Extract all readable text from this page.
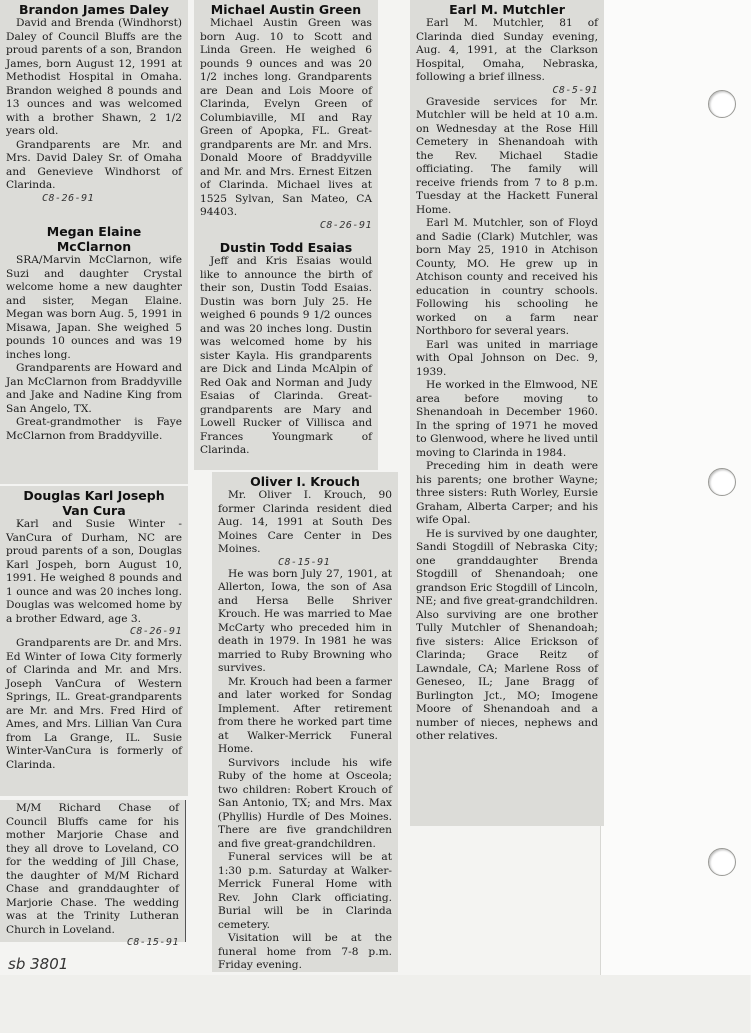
Brandon James Daley

David and Brenda (Windhorst) Daley of Council Bluffs are the proud parents of a son, Brandon James, born August 12, 1991 at Methodist Hospital in Omaha. Brandon weighed 8 pounds and 13 ounces and was welcomed with a brother Shawn, 2 1/2 years old.

Grandparents are Mr. and Mrs. David Daley Sr. of Omaha and Genevieve Windhorst of Clarinda.

C8-26-91
Megan Elaine
McClarnon

SRA/Marvin McClarnon, wife Suzi and daughter Crystal welcome home a new daughter and sister, Megan Elaine. Megan was born Aug. 5, 1991 in Misawa, Japan. She weighed 5 pounds 10 ounces and was 19 inches long.

Grandparents are Howard and Jan McClarnon from Braddyville and Jake and Nadine King from San Angelo, TX.

Great-grandmother is Faye McClarnon from Braddyville.

Douglas Karl Joseph
Van Cura

Karl and Susie Winter - VanCura of Durham, NC are proud parents of a son, Douglas Karl Jospeh, born August 10, 1991. He weighed 8 pounds and 1 ounce and was 20 inches long. Douglas was welcomed home by a brother Edward, age 3.

C8-26-91

Grandparents are Dr. and Mrs. Ed Winter of Iowa City formerly of Clarinda and Mr. and Mrs. Joseph VanCura of Western Springs, IL. Great-grandparents are Mr. and Mrs. Fred Hird of Ames, and Mrs. Lillian Van Cura from La Grange, IL. Susie Winter-VanCura is formerly of Clarinda.

M/M Richard Chase of Council Bluffs came for his mother Marjorie Chase and they all drove to Loveland, CO for the wedding of Jill Chase, the daughter of M/M Richard Chase and granddaughter of Marjorie Chase. The wedding was at the Trinity Lutheran Church in Loveland.

C8-15-91
Michael Austin Green

Michael Austin Green was born Aug. 10 to Scott and Linda Green. He weighed 6 pounds 9 ounces and was 20 1/2 inches long. Grandparents are Dean and Lois Moore of Clarinda, Evelyn Green of Columbiaville, MI and Ray Green of Apopka, FL. Great-grandparents are Mr. and Mrs. Donald Moore of Braddyville and Mr. and Mrs. Ernest Eitzen of Clarinda. Michael lives at 1525 Sylvan, San Mateo, CA 94403.

C8-26-91
Dustin Todd Esaias

Jeff and Kris Esaias would like to announce the birth of their son, Dustin Todd Esaias. Dustin was born July 25. He weighed 6 pounds 9 1/2 ounces and was 20 inches long. Dustin was welcomed home by his sister Kayla. His grandparents are Dick and Linda McAlpin of Red Oak and Norman and Judy Esaias of Clarinda. Great-grandparents are Mary and Lowell Rucker of Villisca and Frances Youngmark of Clarinda.

Oliver I. Krouch

Mr. Oliver I. Krouch, 90 former Clarinda resident died Aug. 14, 1991 at South Des Moines Care Center in Des Moines.

C8-15-91

He was born July 27, 1901, at Allerton, Iowa, the son of Asa and Hersa Belle Shriver Krouch. He was married to Mae McCarty who preceded him in death in 1979. In 1981 he was married to Ruby Browning who survives.

Mr. Krouch had been a farmer and later worked for Sondag Implement. After retirement from there he worked part time at Walker-Merrick Funeral Home.

Survivors include his wife Ruby of the home at Osceola; two children: Robert Krouch of San Antonio, TX; and Mrs. Max (Phyllis) Hurdle of Des Moines. There are five grandchildren and five great-grandchildren.

Funeral services will be at 1:30 p.m. Saturday at Walker-Merrick Funeral Home with Rev. John Clark officiating. Burial will be in Clarinda cemetery.

Visitation will be at the funeral home from 7-8 p.m. Friday evening.

Earl M. Mutchler

Earl M. Mutchler, 81 of Clarinda died Sunday evening, Aug. 4, 1991, at the Clarkson Hospital, Omaha, Nebraska, following a brief illness.

C8-5-91

Graveside services for Mr. Mutchler will be held at 10 a.m. on Wednesday at the Rose Hill Cemetery in Shenandoah with the Rev. Michael Stadie officiating. The family will receive friends from 7 to 8 p.m. Tuesday at the Hackett Funeral Home.

Earl M. Mutchler, son of Floyd and Sadie (Clark) Mutchler, was born May 25, 1910 in Atchison County, MO. He grew up in Atchison county and received his education in country schools. Following his schooling he worked on a farm near Northboro for several years.

Earl was united in marriage with Opal Johnson on Dec. 9, 1939.

He worked in the Elmwood, NE area before moving to Shenandoah in December 1960. In the spring of 1971 he moved to Glenwood, where he lived until moving to Clarinda in 1984.

Preceding him in death were his parents; one brother Wayne; three sisters: Ruth Worley, Eursie Graham, Alberta Carper; and his wife Opal.

He is survived by one daughter, Sandi Stogdill of Nebraska City; one granddaughter Brenda Stogdill of Shenandoah; one grandson Eric Stogdill of Lincoln, NE; and five great-grandchildren. Also surviving are one brother Tully Mutchler of Shenandoah; five sisters: Alice Erickson of Clarinda; Grace Reitz of Lawndale, CA; Marlene Ross of Geneseo, IL; Jane Bragg of Burlington Jct., MO; Imogene Moore of Shenandoah and a number of nieces, nephews and other relatives.

sb 3801
